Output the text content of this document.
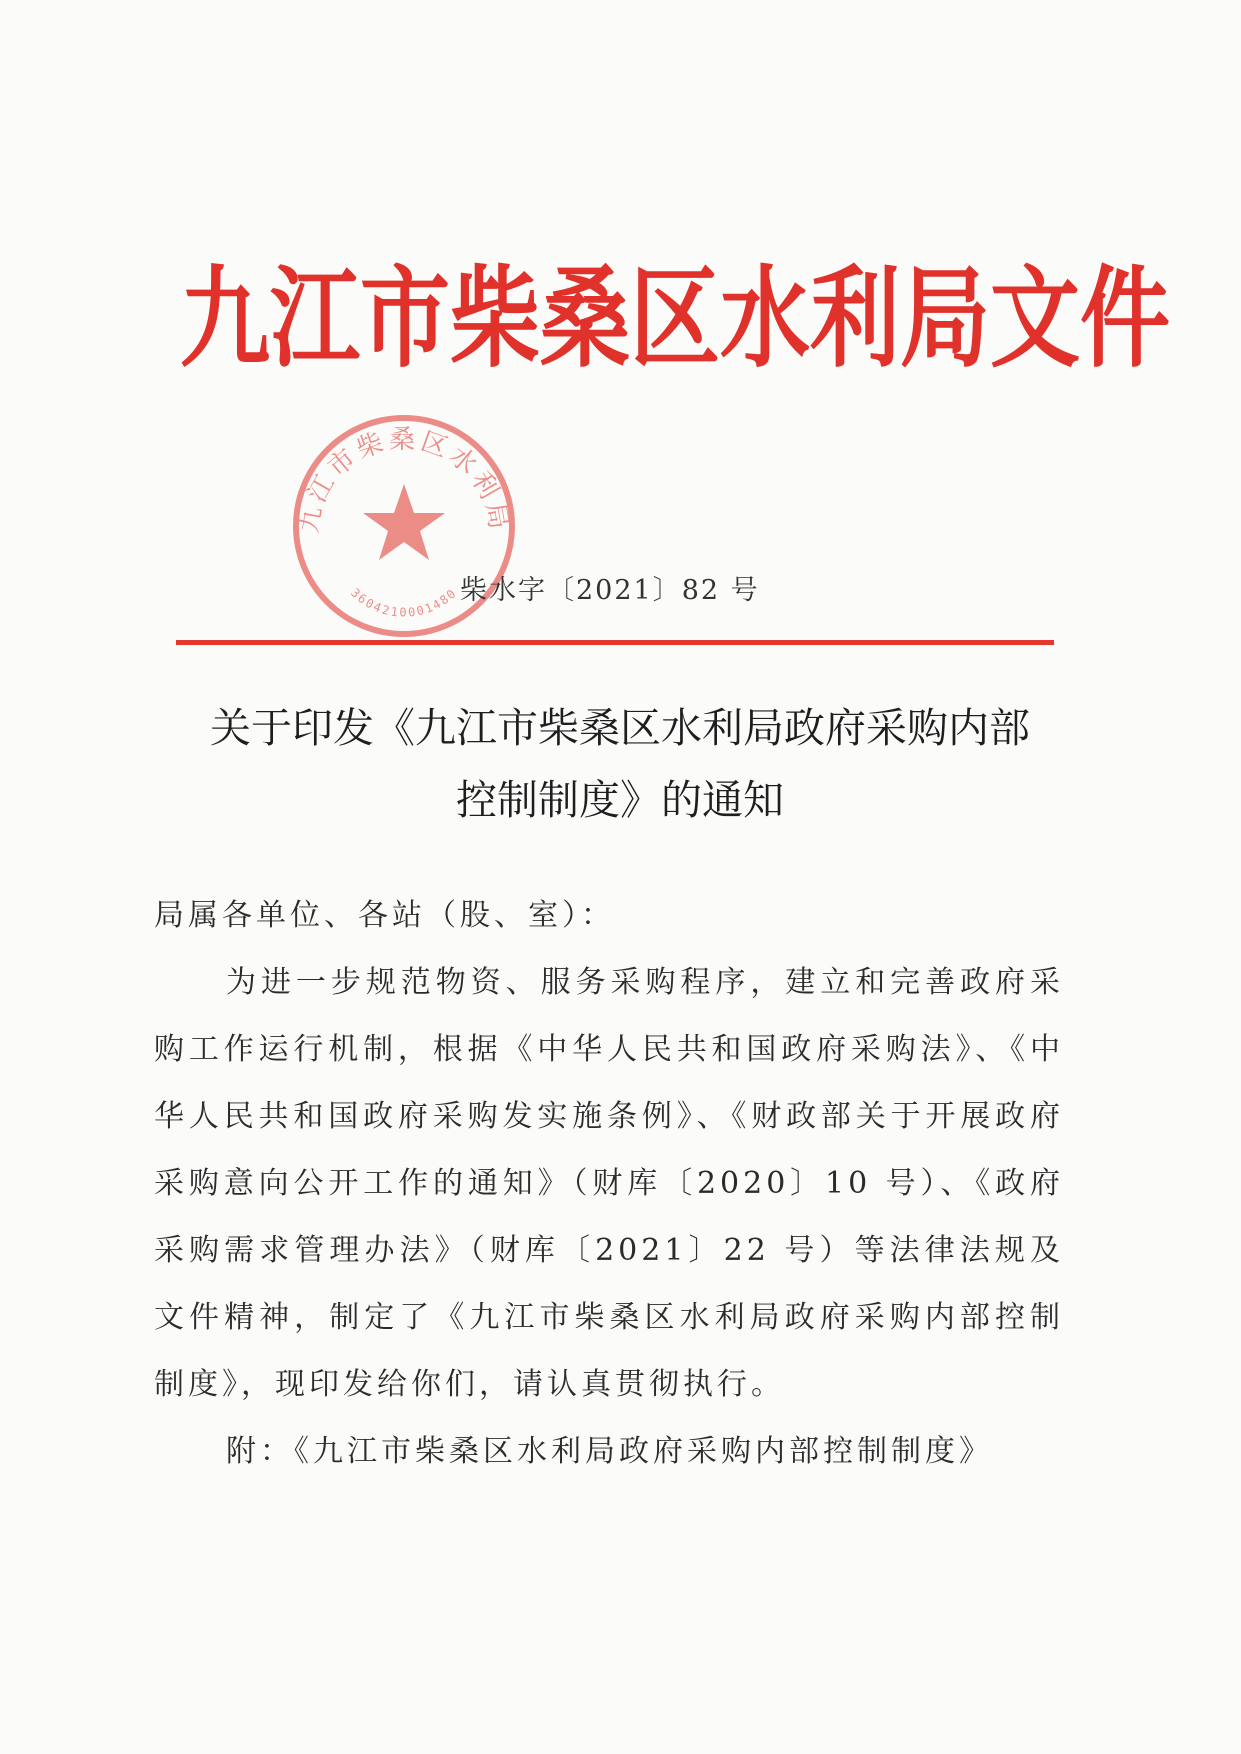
九江市柴桑区水利局文件
九江市柴桑区水利局
3604210001480 柴水字〔2021〕82 号
关于印发《九江市柴桑区水利局政府采购内部
控制制度》的通知

局属各单位、各站（股、室）：

为进一步规范物资、服务采购程序，建立和完善政府采购工作运行机制，根据《中华人民共和国政府采购法》、《中华人民共和国政府采购发实施条例》、《财政部关于开展政府采购意向公开工作的通知》（财库〔2020〕10 号）、《政府采购需求管理办法》（财库〔2021〕22 号）等法律法规及文件精神，制定了《九江市柴桑区水利局政府采购内部控制制度》，现印发给你们，请认真贯彻执行。

附：《九江市柴桑区水利局政府采购内部控制制度》
